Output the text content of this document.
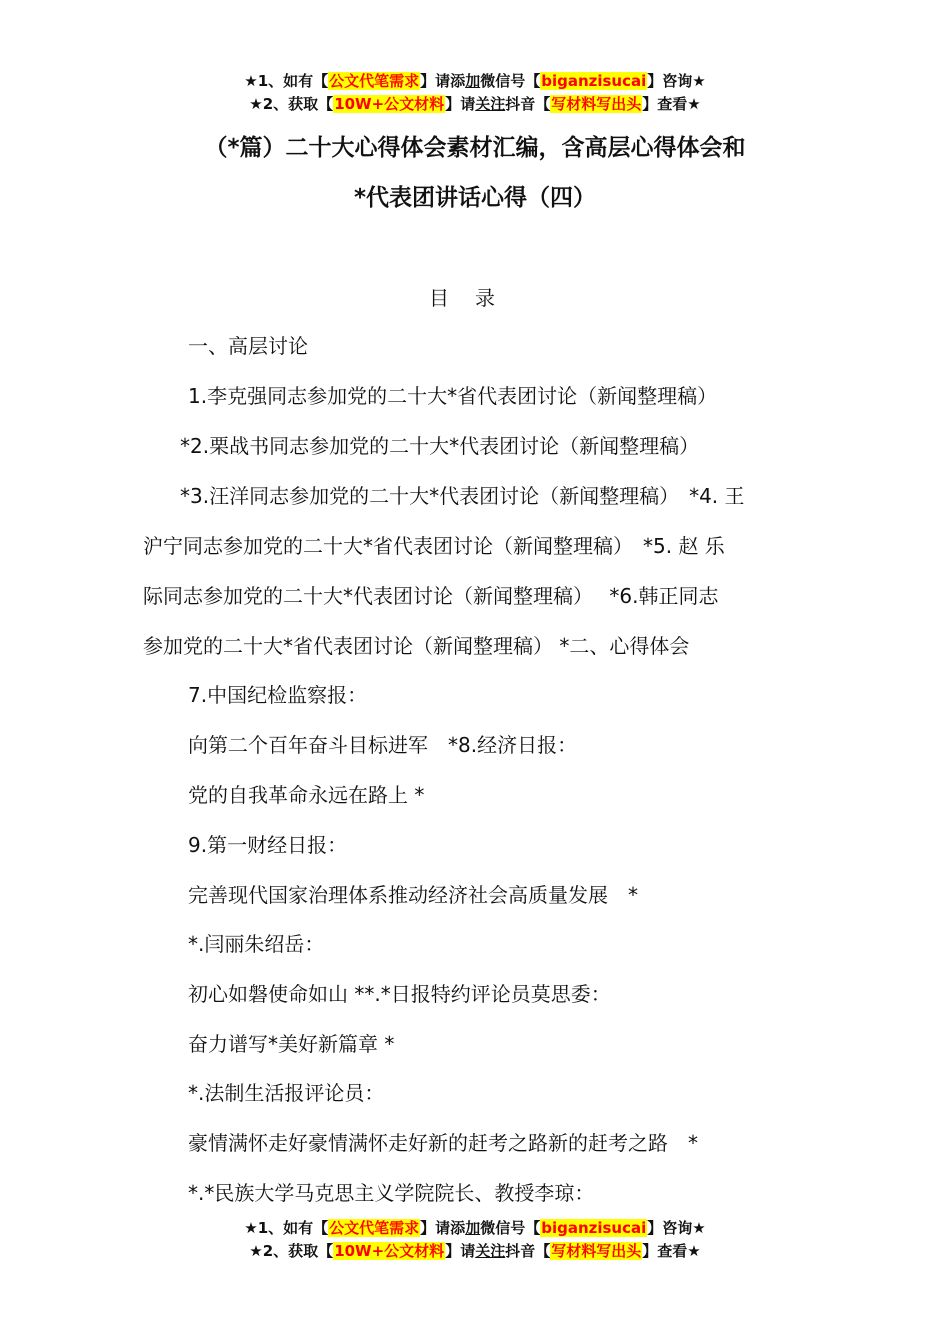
★1、如有【公文代笔需求】请添加微信号【biganzisucai】咨询★
★2、获取【10W+公文材料】请关注抖音【写材料写出头】查看★
（*篇）二十大心得体会素材汇编，含高层心得体会和
*代表团讲话心得（四）
目录
一、高层讨论
1.李克强同志参加党的二十大*省代表团讨论（新闻整理稿）
*2.栗战书同志参加党的二十大*代表团讨论（新闻整理稿）
*3.汪洋同志参加党的二十大*代表团讨论（新闻整理稿）　*4. 王
沪宁同志参加党的二十大*省代表团讨论（新闻整理稿）　*5. 赵 乐
际同志参加党的二十大*代表团讨论（新闻整理稿）　 *6.韩正同志
参加党的二十大*省代表团讨论（新闻整理稿） *二、心得体会
7.中国纪检监察报：
向第二个百年奋斗目标进军　*8.经济日报：
党的自我革命永远在路上 *
9.第一财经日报：
完善现代国家治理体系推动经济社会高质量发展　*
*.闫丽朱绍岳：
初心如磐使命如山 **.*日报特约评论员莫思委：
奋力谱写*美好新篇章 *
*.法制生活报评论员：
豪情满怀走好豪情满怀走好新的赶考之路新的赶考之路　*
*.*民族大学马克思主义学院院长、教授李琼：
★1、如有【公文代笔需求】请添加微信号【biganzisucai】咨询★
★2、获取【10W+公文材料】请关注抖音【写材料写出头】查看★
